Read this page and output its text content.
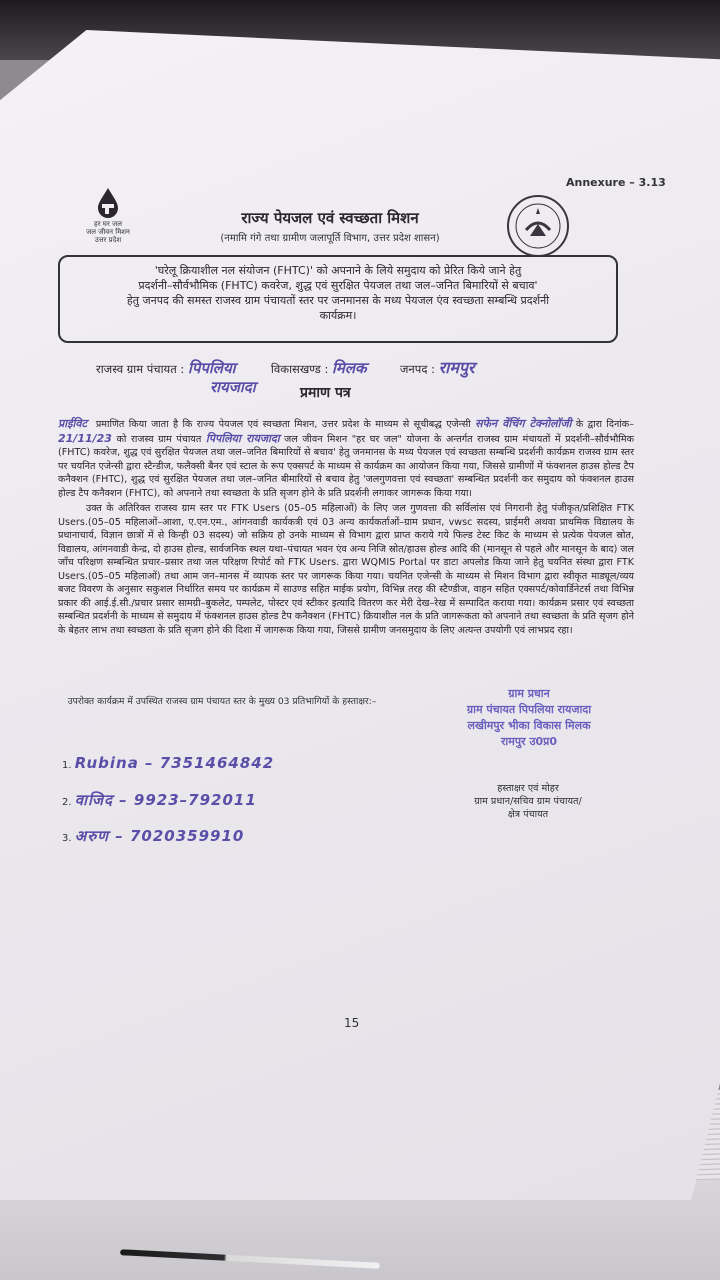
Annexure – 3.13
हर घर जल
जल जीवन मिशन
उत्तर प्रदेश
राज्य पेयजल एवं स्वच्छता मिशन
(नमामि गंगे तथा ग्रामीण जलापूर्ति विभाग, उत्तर प्रदेश शासन)
'घरेलू क्रियाशील नल संयोजन (FHTC)' को अपनाने के लिये समुदाय को प्रेरित किये जाने हेतु
प्रदर्शनी–सौर्वभौमिक (FHTC) कवरेज, शुद्ध एवं सुरक्षित पेयजल तथा जल–जनित बिमारियों से बचाव'
हेतु जनपद की समस्त राजस्व ग्राम पंचायतों स्तर पर जनमानस के मध्य पेयजल एंव स्वच्छता सम्बन्धि प्रदर्शनी
कार्यक्रम।
राजस्व ग्राम पंचायत : पिपलिया	विकासखण्ड : मिलक	जनपद : रामपुर
रायजादा	प्रमाण पत्र

प्राईविट प्रमाणित किया जाता है कि राज्य पेयजल एवं स्वच्छता मिशन, उत्तर प्रदेश के माध्यम से सूचीबद्ध एजेन्सी सफेन वेंचिंग टेक्नोलॉजी के द्वारा दिनांक– 21/11/23 को राजस्व ग्राम पंचायत पिपलिया रायजादा जल जीवन मिशन "हर घर जल" योजना के अन्तर्गत राजस्व ग्राम मंचायतों में प्रदर्शनी–सौर्वभौमिक (FHTC) कवरेज, शुद्ध एवं सुरक्षित पेयजल तथा जल–जनित बिमारियों से बचाव' हेतु जनमानस के मध्य पेयजल एवं स्वच्छता सम्बन्धि प्रदर्शनी कार्यक्रम राजस्व ग्राम स्तर पर चयनित एजेन्सी द्वारा स्टैन्डीज, फलैक्सी बैनर एवं स्टाल के रूप एक्सपर्ट के माध्यम से कार्यक्रम का आयोजन किया गया, जिससे ग्रामीणों में फंक्शनल हाउस होल्ड टैप कनैक्शन (FHTC), शुद्ध एवं सुरक्षित पेयजल तथा जल–जनित बीमारियों से बचाव हेतु 'जलगुणवत्ता एवं स्वच्छता' सम्बन्धित प्रदर्शनी कर समुदाय को फंक्शनल हाउस होल्ड टैप कनैक्शन (FHTC), को अपनाने तथा स्वच्छता के प्रति सृजग होने के प्रति प्रदर्शनी लगाकर जागरूक किया गया।

उक्त के अतिरिक्त राजस्व ग्राम स्तर पर FTK Users (05–05 महिलाओं) के लिए जल गुणवत्ता की सर्विलांस एवं निगरानी हेतु पंजीकृत/प्रशिक्षित FTK Users.(05–05 महिलाओं–आशा, ए.एन.एम., आंगनवाडी कार्यकत्री एवं 03 अन्य कार्यकर्ताओं–ग्राम प्रधान, vwsc सदस्य, प्राईमरी अथवा प्राथमिक विद्यालय के प्रधानाचार्य, विज्ञान छात्रों में से किन्ही 03 सदस्य) जो सक्रिय हो उनके माध्यम से विभाग द्वारा प्राप्त कराये गये फिल्ड टेस्ट किट के माध्यम से प्रत्येक पेयजल स्रोत, विद्यालय, आंगनवाडी केन्द्र, दो हाउस होल्ड, सार्वजनिक स्थल यथा–पंचायत भवन एंव अन्य निजि स्रोत/हाउस होल्ड आदि की (मानसून से पहले और मानसून के बाद) जल जाँच परिक्षण सम्बन्धित प्रचार–प्रसार तथा जल परिक्षण रिपोर्ट को FTK Users. द्वारा WQMIS Portal पर डाटा अपलोड किया जाने हेतु चयनित संस्था द्वारा FTK Users.(05–05 महिलाओं) तथा आम जन–मानस में व्यापक स्तर पर जागरूक किया गया। चयनित एजेन्सी के माध्यम से मिशन विभाग द्वारा स्वीकृत माड्यूल/व्यय बजट विवरण के अनुसार सकुशल निर्धारित समय पर कार्यक्रम में साउण्ड सहित माईक प्रयोग, विभिन्न तरह की स्टैण्डीज, वाहन सहित एक्सपर्ट/कोवार्डिनेटर्स तथा विभिन्न प्रकार की आई.ई.सी./प्रचार प्रसार सामग्री–बुकलेट, पम्पलेट, पोस्टर एवं स्टीकर इत्यादि वितरण कर मेरी देख–रेख में सम्पादित कराया गया। कार्यक्रम प्रसार एवं स्वच्छता सम्बन्धित प्रदर्शनी के माध्यम से समुदाय में फंक्शनल हाउस होल्ड टैप कनैक्शन (FHTC) क्रियाशील नल के प्रति जागरूकता को अपनाने तथा स्वच्छता के प्रति सृजग होने के बेहतर लाभ तथा स्वच्छता के प्रति सृजग होने की दिशा में जागरूक किया गया, जिससे ग्रामीण जनसमुदाय के लिए अत्यन्त उपयोगी एवं लाभप्रद रहा।

उपरोक्त कार्यक्रम में उपस्थित राजस्व ग्राम पंचायत स्तर के मुख्य 03 प्रतिभागियों के हस्ताक्षर:–
1. Rubina – 7351464842
2. वाजिद – 9923–792011
3. अरुण – 7020359910
ग्राम प्रधान
ग्राम पंचायत पिपलिया रायजादा
लखीमपुर भीका विकास मिलक
रामपुर उ0प्र0
हस्ताक्षर एवं मोहर
ग्राम प्रधान/सचिव ग्राम पंचायत/
क्षेत्र पंचायत
15
